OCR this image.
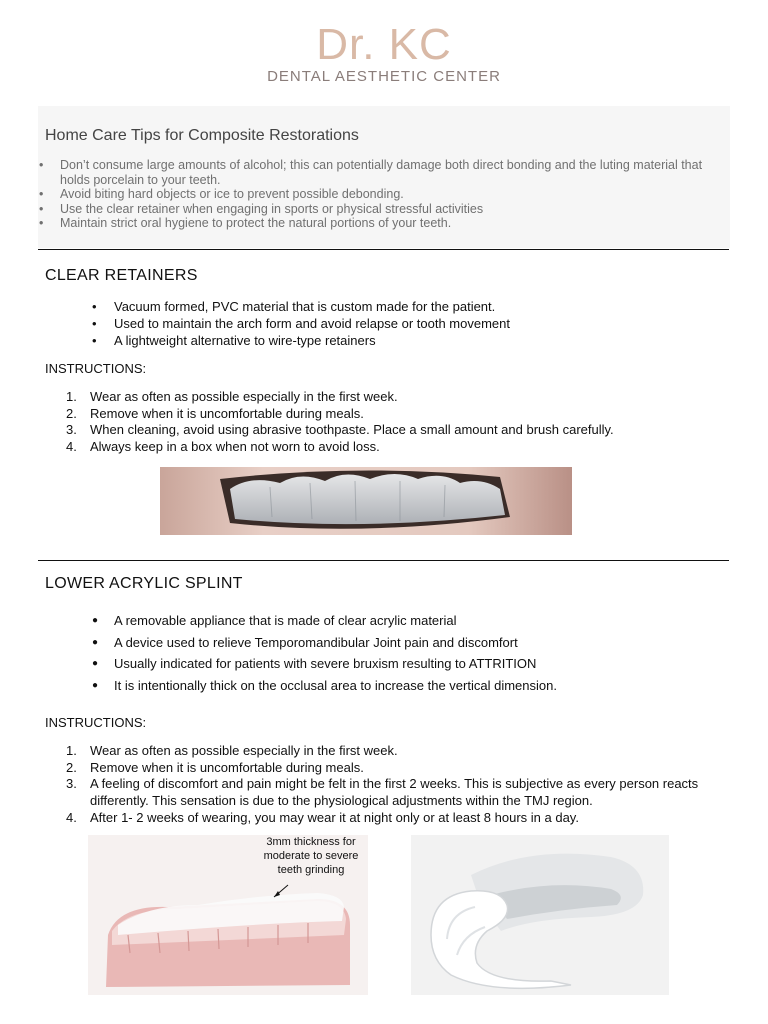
Dr. KC
DENTAL AESTHETIC CENTER
Home Care Tips for Composite Restorations
• Don’t consume large amounts of alcohol; this can potentially damage both direct bonding and the luting material that holds porcelain to your teeth.
• Avoid biting hard objects or ice to prevent possible debonding.
• Use the clear retainer when engaging in sports or physical stressful activities
• Maintain strict oral hygiene to protect the natural portions of your teeth.
CLEAR RETAINERS
• Vacuum formed, PVC material that is custom made for the patient.
• Used to maintain the arch form and avoid relapse or tooth movement
• A lightweight alternative to wire-type retainers
INSTRUCTIONS:
1. Wear as often as possible especially in the first week.
2. Remove when it is uncomfortable during meals.
3. When cleaning, avoid using abrasive toothpaste. Place a small amount and brush carefully.
4. Always keep in a box when not worn to avoid loss.
LOWER ACRYLIC SPLINT
● A removable appliance that is made of clear acrylic material
● A device used to relieve Temporomandibular Joint pain and discomfort
● Usually indicated for patients with severe bruxism resulting to ATTRITION
● It is intentionally thick on the occlusal area to increase the vertical dimension.
INSTRUCTIONS:
1. Wear as often as possible especially in the first week.
2. Remove when it is uncomfortable during meals.
3. A feeling of discomfort and pain might be felt in the first 2 weeks. This is subjective as every person reacts differently. This sensation is due to the physiological adjustments within the TMJ region.
4. After 1- 2 weeks of wearing, you may wear it at night only or at least 8 hours in a day.
3mm thickness for moderate to severe teeth grinding
